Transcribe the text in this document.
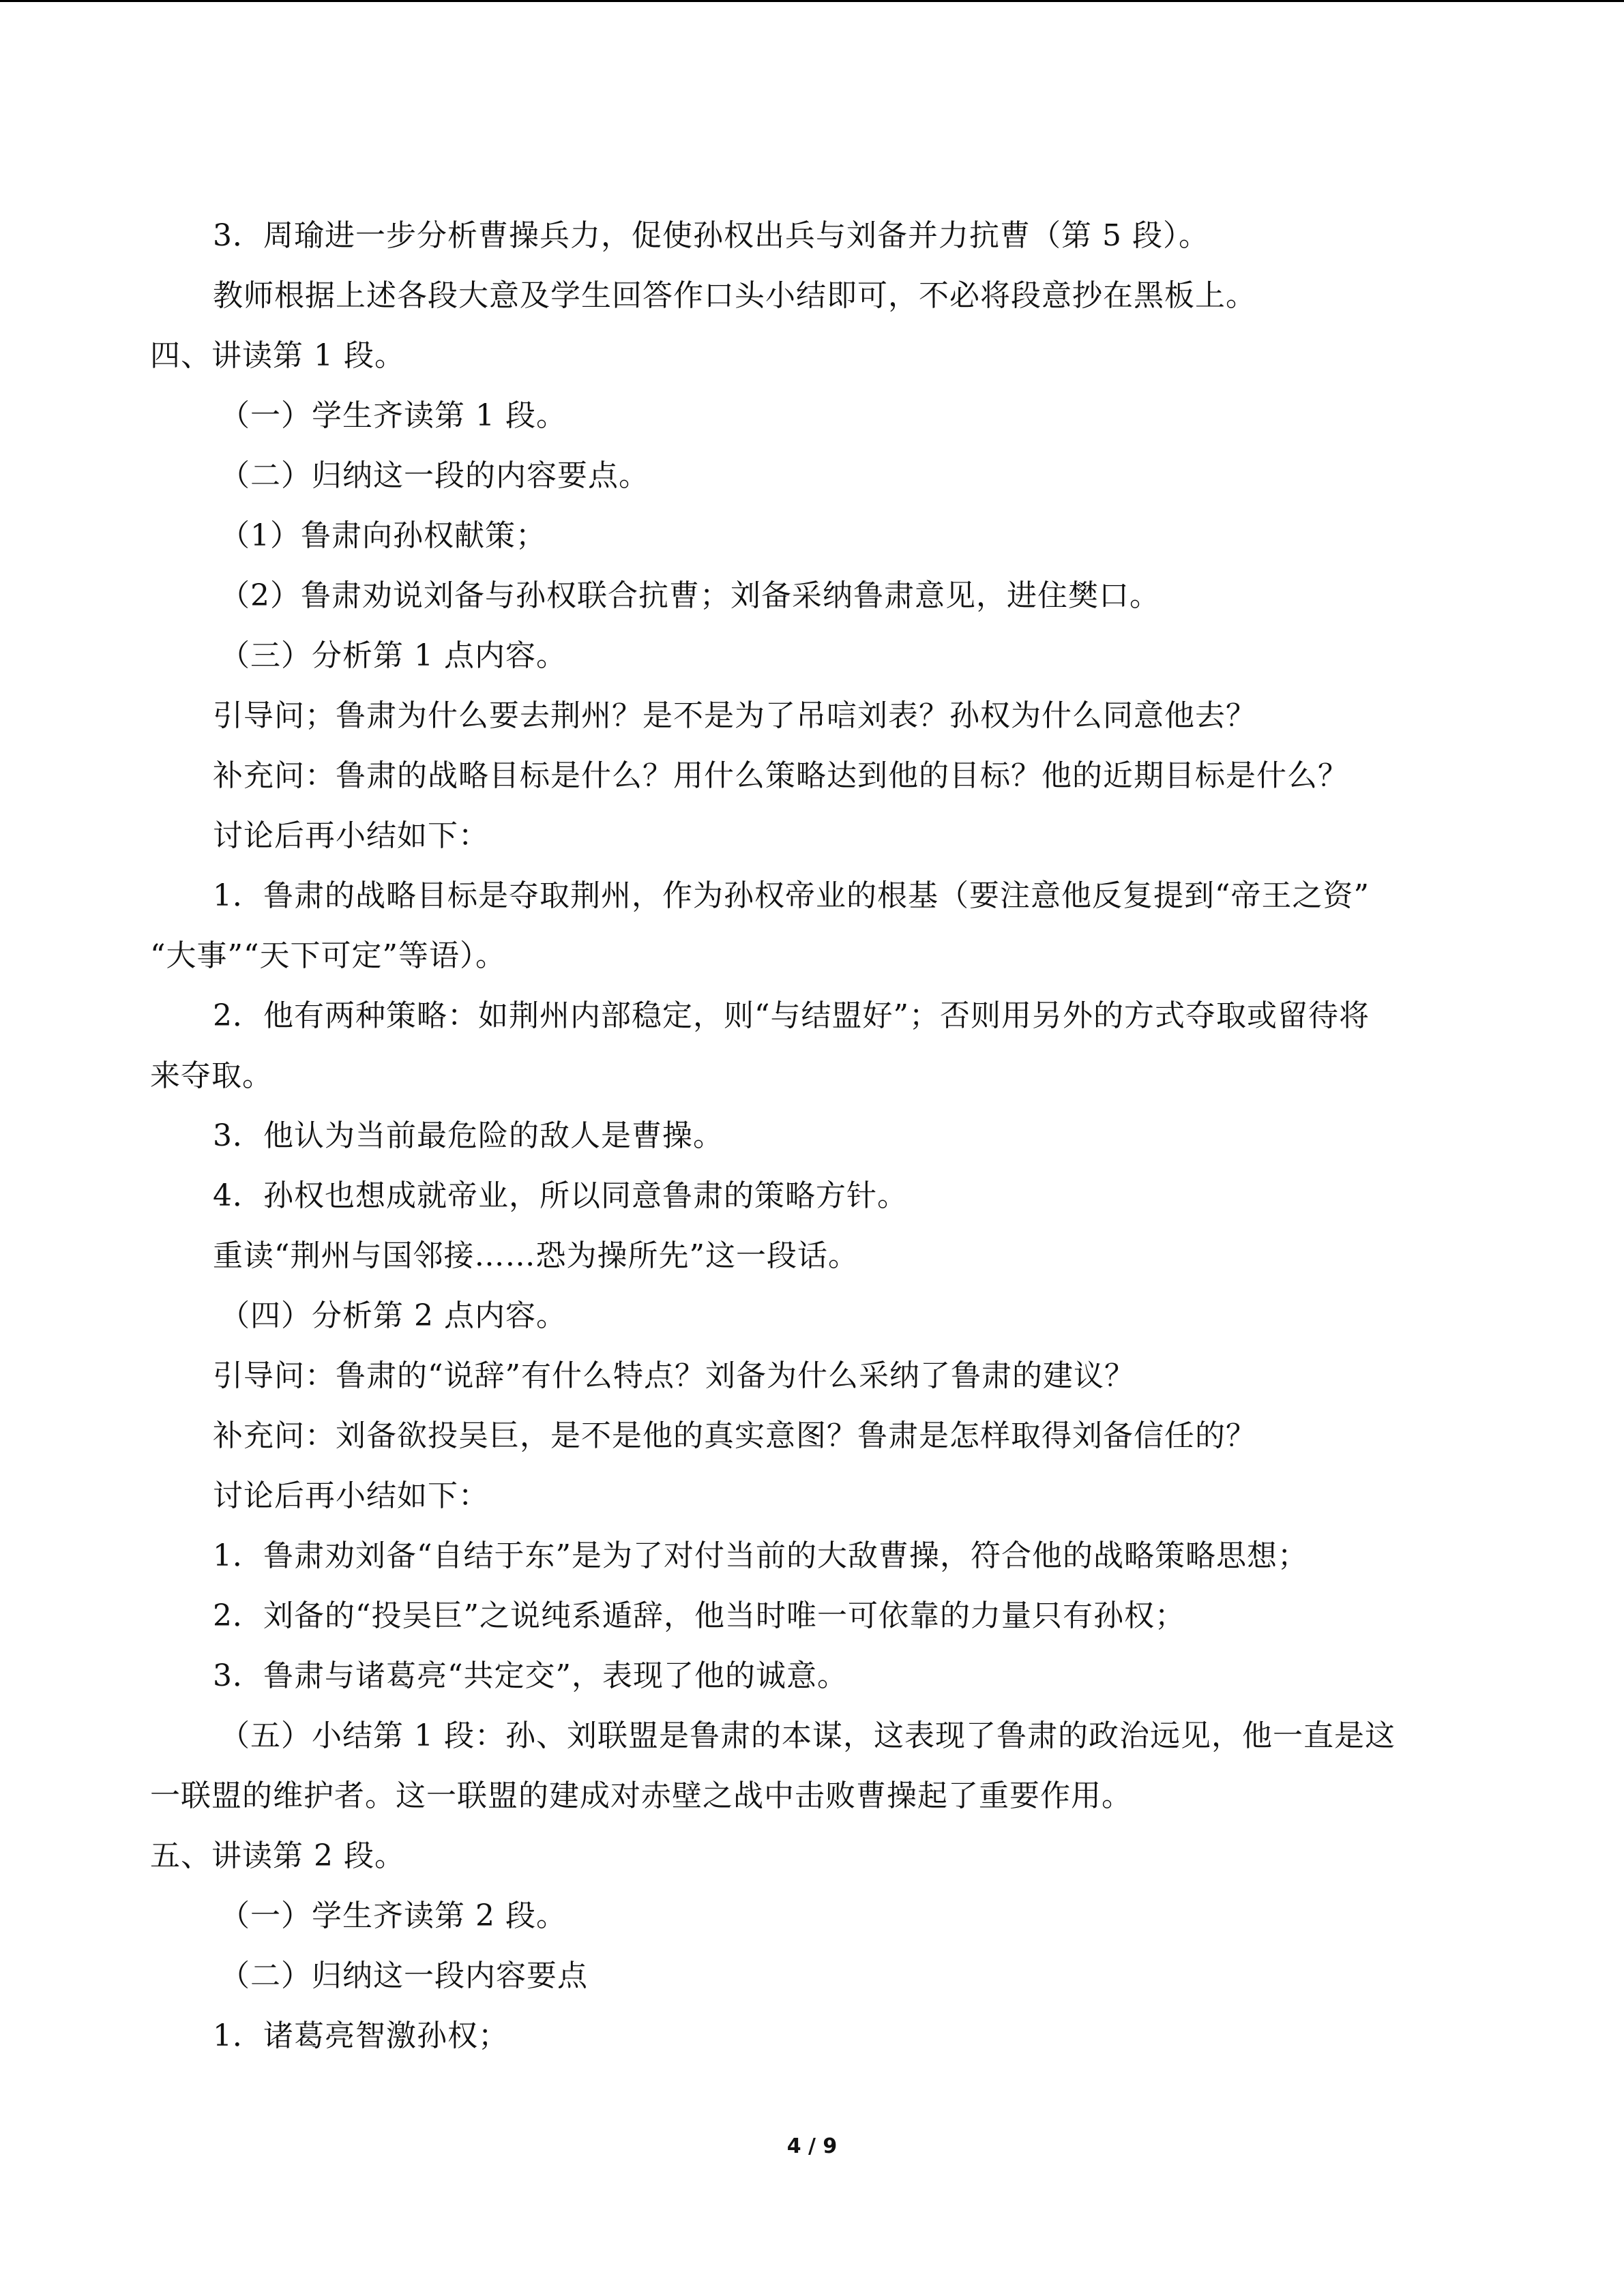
3．周瑜进一步分析曹操兵力，促使孙权出兵与刘备并力抗曹（第 5 段）。

教师根据上述各段大意及学生回答作口头小结即可，不必将段意抄在黑板上。

四、讲读第 1 段。

（一）学生齐读第 1 段。

（二）归纳这一段的内容要点。

（1）鲁肃向孙权献策；

（2）鲁肃劝说刘备与孙权联合抗曹；刘备采纳鲁肃意见，进住樊口。

（三）分析第 1 点内容。

引导问；鲁肃为什么要去荆州？是不是为了吊唁刘表？孙权为什么同意他去？

补充问：鲁肃的战略目标是什么？用什么策略达到他的目标？他的近期目标是什么？

讨论后再小结如下：

1．鲁肃的战略目标是夺取荆州，作为孙权帝业的根基（要注意他反复提到“帝王之资”

“大事”“天下可定”等语）。

2．他有两种策略：如荆州内部稳定，则“与结盟好”；否则用另外的方式夺取或留待将

来夺取。

3．他认为当前最危险的敌人是曹操。

4．孙权也想成就帝业，所以同意鲁肃的策略方针。

重读“荆州与国邻接……恐为操所先”这一段话。

（四）分析第 2 点内容。

引导问：鲁肃的“说辞”有什么特点？刘备为什么采纳了鲁肃的建议？

补充问：刘备欲投吴巨，是不是他的真实意图？鲁肃是怎样取得刘备信任的？

讨论后再小结如下：

1．鲁肃劝刘备“自结于东”是为了对付当前的大敌曹操，符合他的战略策略思想；

2．刘备的“投吴巨”之说纯系遁辞，他当时唯一可依靠的力量只有孙权；

3．鲁肃与诸葛亮“共定交”，表现了他的诚意。

（五）小结第 1 段：孙、刘联盟是鲁肃的本谋，这表现了鲁肃的政治远见，他一直是这

一联盟的维护者。这一联盟的建成对赤壁之战中击败曹操起了重要作用。

五、讲读第 2 段。

（一）学生齐读第 2 段。

（二）归纳这一段内容要点

1．诸葛亮智激孙权；

4 / 9
